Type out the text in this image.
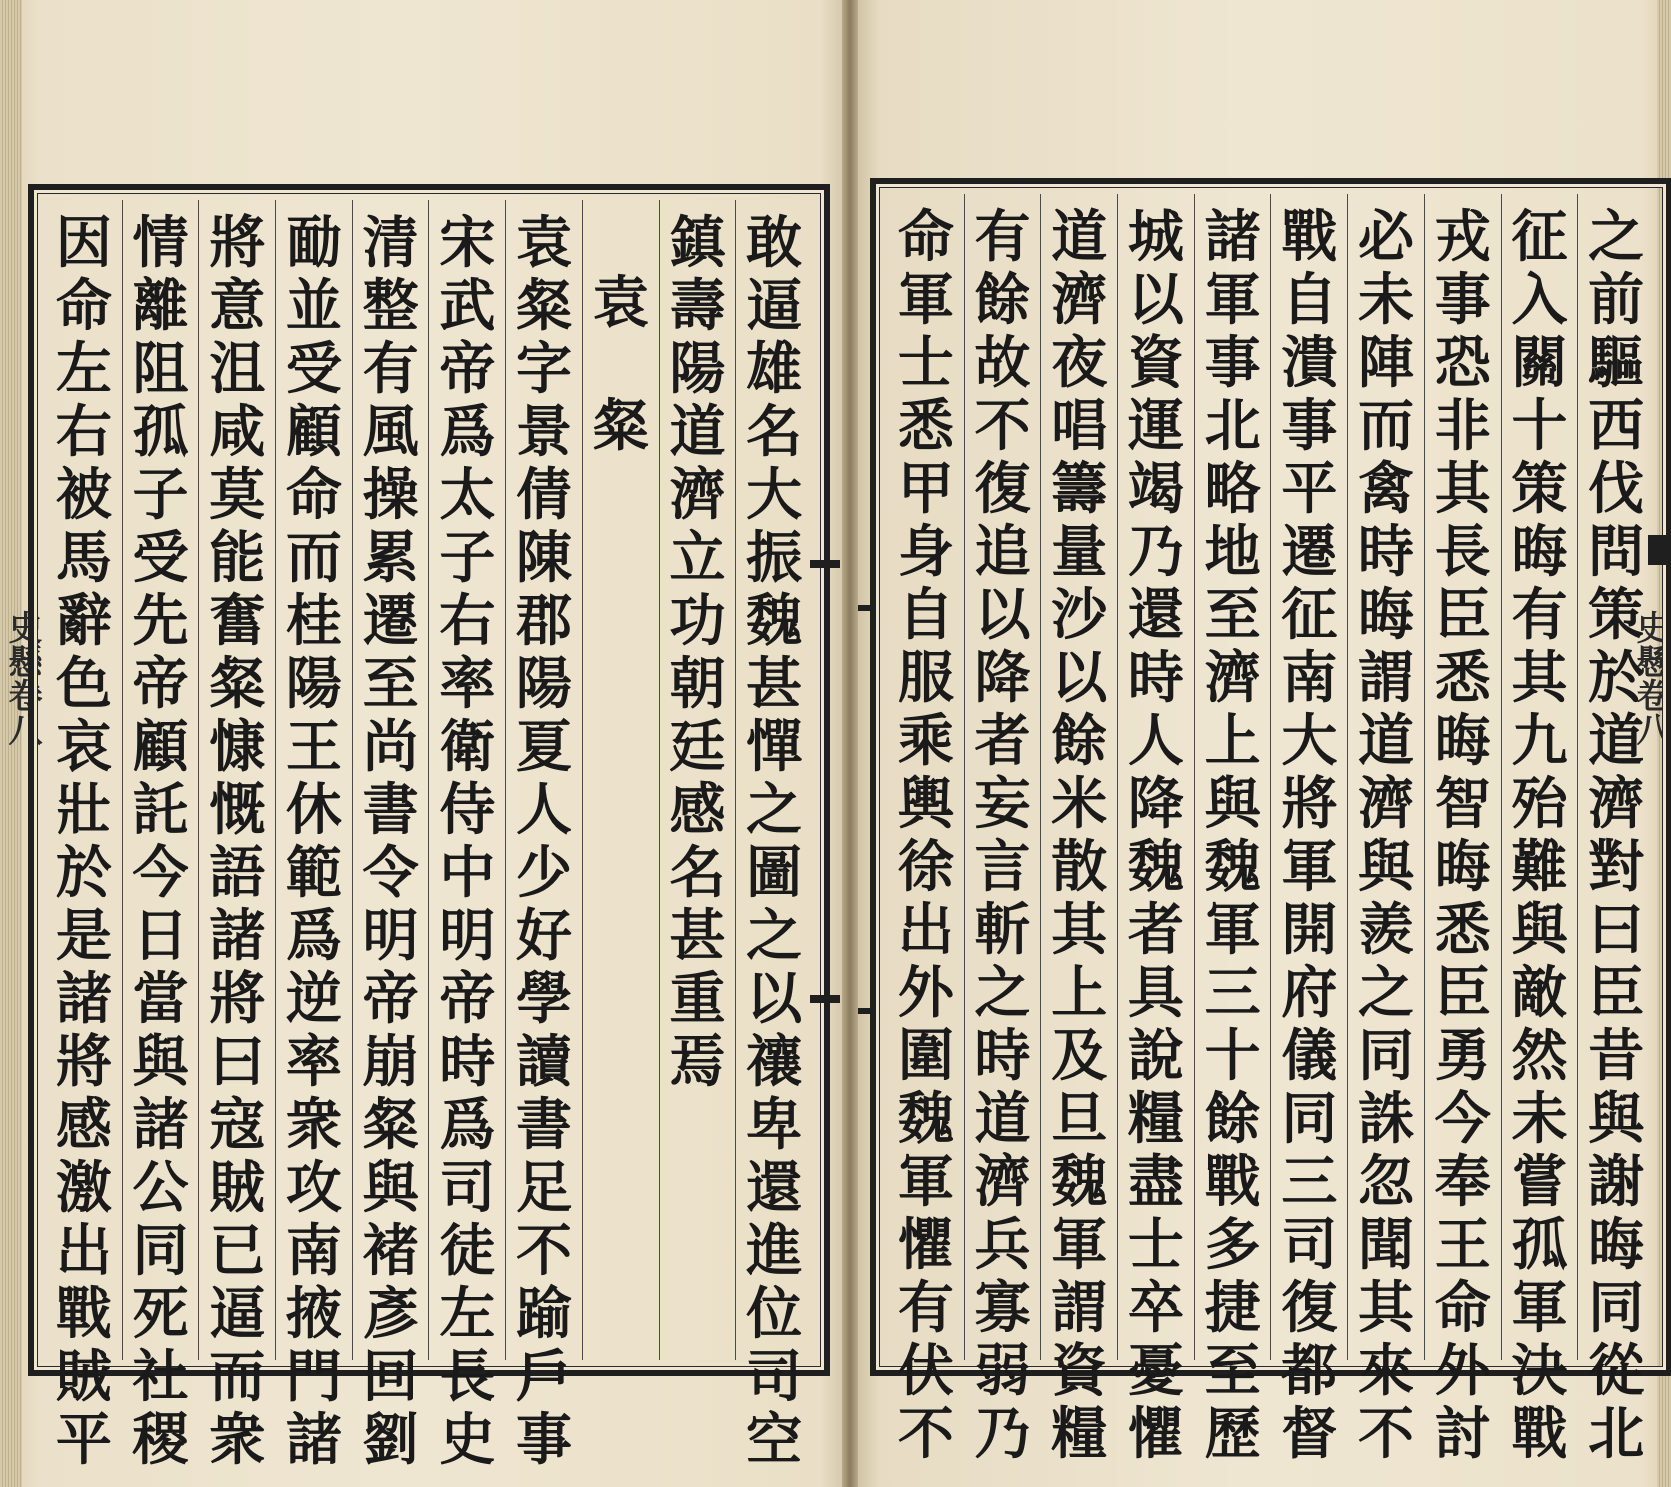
史懸卷八	史懸卷八
敢
逼
雄
名
大
振
魏
甚
憚
之
圖
之
以
禳
卑
還
進
位
司
空
鎮
壽
陽
道
濟
立
功
朝
廷
感
名
甚
重
焉
袁
粲
袁
粲
字
景
倩
陳
郡
陽
夏
人
少
好
學
讀
書
足
不
踰
戶
事
宋
武
帝
爲
太
子
右
率
衛
侍
中
明
帝
時
爲
司
徒
左
長
史
清
整
有
風
操
累
遷
至
尚
書
令
明
帝
崩
粲
與
褚
彥
回
劉
勔
並
受
顧
命
而
桂
陽
王
休
範
爲
逆
率
衆
攻
南
掖
門
諸
將
意
沮
咸
莫
能
奮
粲
慷
慨
語
諸
將
曰
寇
賊
已
逼
而
衆
情
離
阻
孤
子
受
先
帝
顧
託
今
日
當
與
諸
公
同
死
社
稷
因
命
左
右
被
馬
辭
色
哀
壯
於
是
諸
將
感
激
出
戰
賊
平
之
前
驅
西
伐
問
策
於
道
濟
對
曰
臣
昔
與
謝
晦
同
從
北
征
入
關
十
策
晦
有
其
九
殆
難
與
敵
然
未
嘗
孤
軍
決
戰
戎
事
恐
非
其
長
臣
悉
晦
智
晦
悉
臣
勇
今
奉
王
命
外
討
必
未
陣
而
禽
時
晦
謂
道
濟
與
羨
之
同
誅
忽
聞
其
來
不
戰
自
潰
事
平
遷
征
南
大
將
軍
開
府
儀
同
三
司
復
都
督
諸
軍
事
北
略
地
至
濟
上
與
魏
軍
三
十
餘
戰
多
捷
至
歷
城
以
資
運
竭
乃
還
時
人
降
魏
者
具
說
糧
盡
士
卒
憂
懼
道
濟
夜
唱
籌
量
沙
以
餘
米
散
其
上
及
旦
魏
軍
謂
資
糧
有
餘
故
不
復
追
以
降
者
妄
言
斬
之
時
道
濟
兵
寡
弱
乃
命
軍
士
悉
甲
身
自
服
乘
輿
徐
出
外
圍
魏
軍
懼
有
伏
不
